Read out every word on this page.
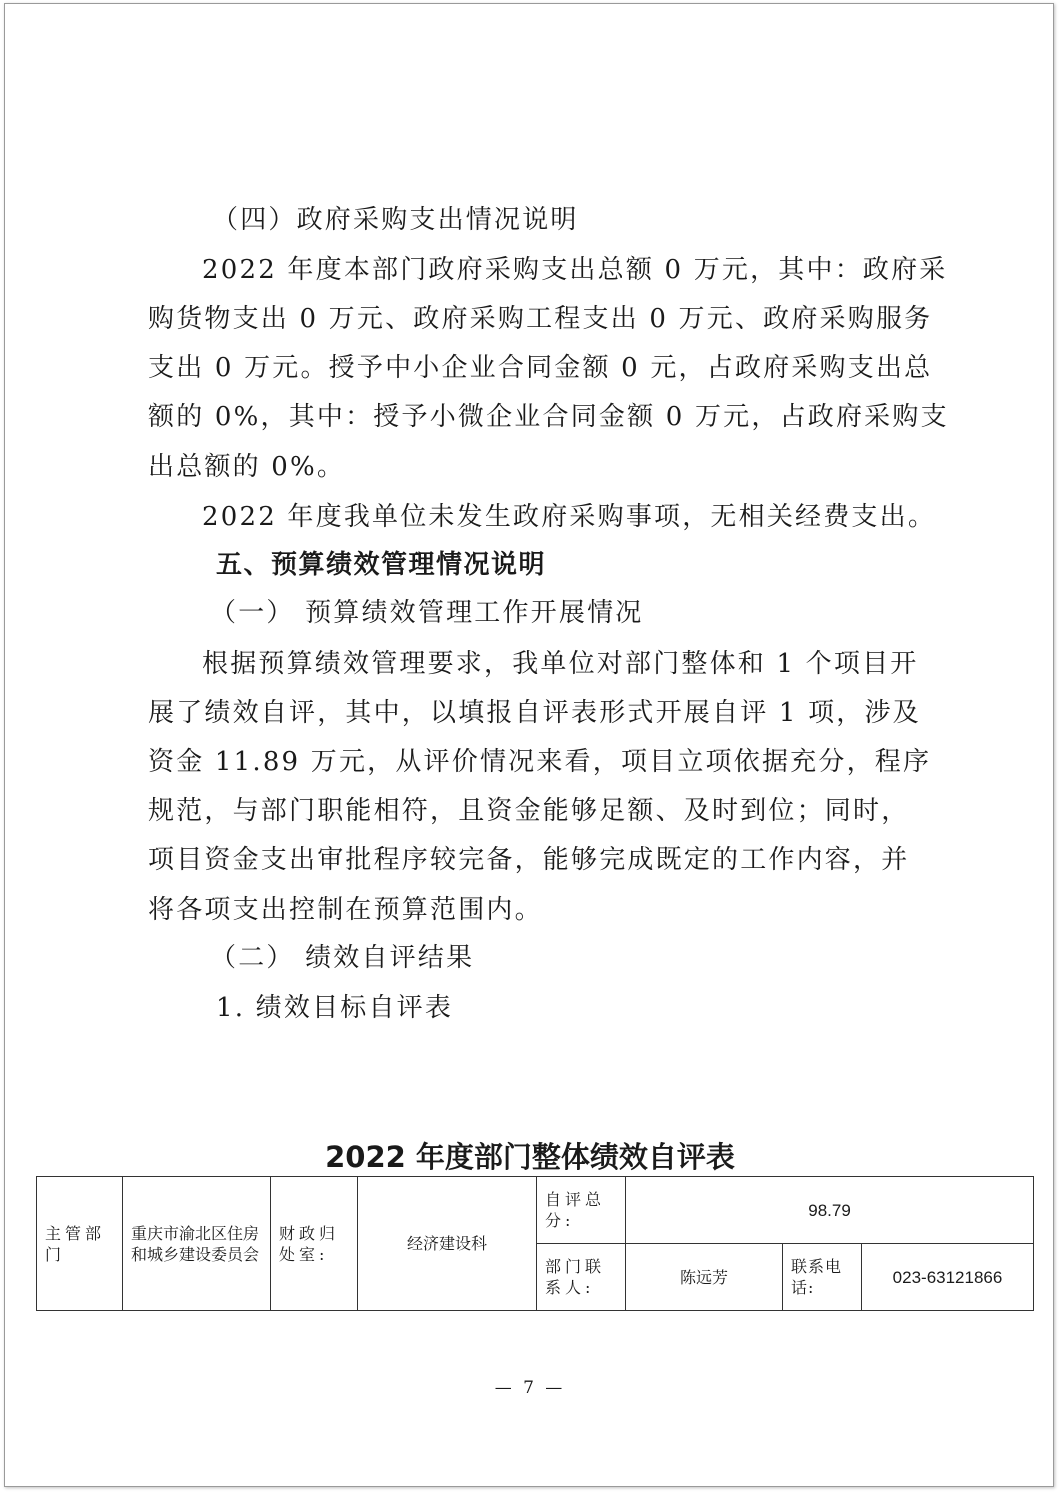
（四）政府采购支出情况说明
2022 年度本部门政府采购支出总额 0 万元，其中：政府采
购货物支出 0 万元、政府采购工程支出 0 万元、政府采购服务
支出 0 万元。授予中小企业合同金额 0 元，占政府采购支出总
额的 0%，其中：授予小微企业合同金额 0 万元，占政府采购支
出总额的 0%。
2022 年度我单位未发生政府采购事项，无相关经费支出。
五、预算绩效管理情况说明
（一） 预算绩效管理工作开展情况
根据预算绩效管理要求，我单位对部门整体和 1 个项目开
展了绩效自评，其中，以填报自评表形式开展自评 1 项，涉及
资金 11.89 万元，从评价情况来看，项目立项依据充分，程序
规范，与部门职能相符，且资金能够足额、及时到位；同时，
项目资金支出审批程序较完备，能够完成既定的工作内容，并
将各项支出控制在预算范围内。
（二） 绩效自评结果
1. 绩效目标自评表
2022 年度部门整体绩效自评表
主管部门	重庆市渝北区住房和城乡建设委员会	财政归处室:	经济建设科	自评总分:	98.79		
				部门联系人:	陈远芳	联系电话:	023-63121866
— 7 —
